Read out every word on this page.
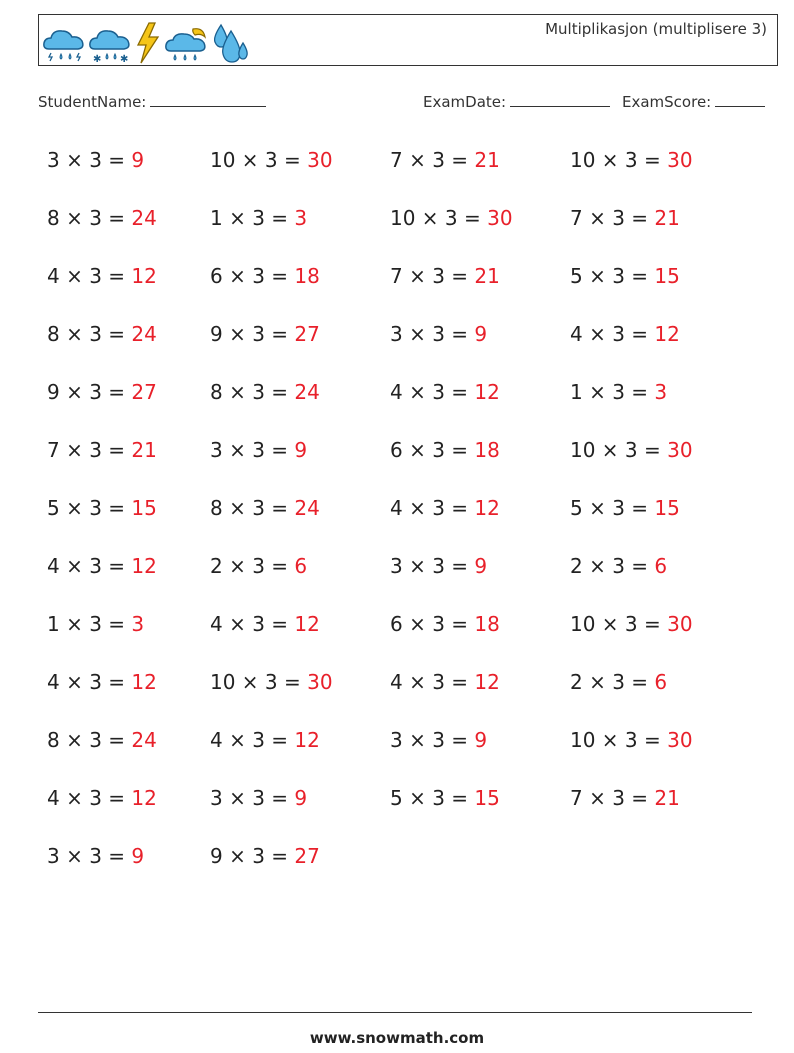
✱ ✱
Multiplikasjon (multiplisere 3)
StudentName:	ExamDate:	ExamScore:
3 × 3 = 9	10 × 3 = 30	7 × 3 = 21	10 × 3 = 30
8 × 3 = 24	1 × 3 = 3	10 × 3 = 30	7 × 3 = 21
4 × 3 = 12	6 × 3 = 18	7 × 3 = 21	5 × 3 = 15
8 × 3 = 24	9 × 3 = 27	3 × 3 = 9	4 × 3 = 12
9 × 3 = 27	8 × 3 = 24	4 × 3 = 12	1 × 3 = 3
7 × 3 = 21	3 × 3 = 9	6 × 3 = 18	10 × 3 = 30
5 × 3 = 15	8 × 3 = 24	4 × 3 = 12	5 × 3 = 15
4 × 3 = 12	2 × 3 = 6	3 × 3 = 9	2 × 3 = 6
1 × 3 = 3	4 × 3 = 12	6 × 3 = 18	10 × 3 = 30
4 × 3 = 12	10 × 3 = 30	4 × 3 = 12	2 × 3 = 6
8 × 3 = 24	4 × 3 = 12	3 × 3 = 9	10 × 3 = 30
4 × 3 = 12	3 × 3 = 9	5 × 3 = 15	7 × 3 = 21
3 × 3 = 9	9 × 3 = 27
www.snowmath.com
